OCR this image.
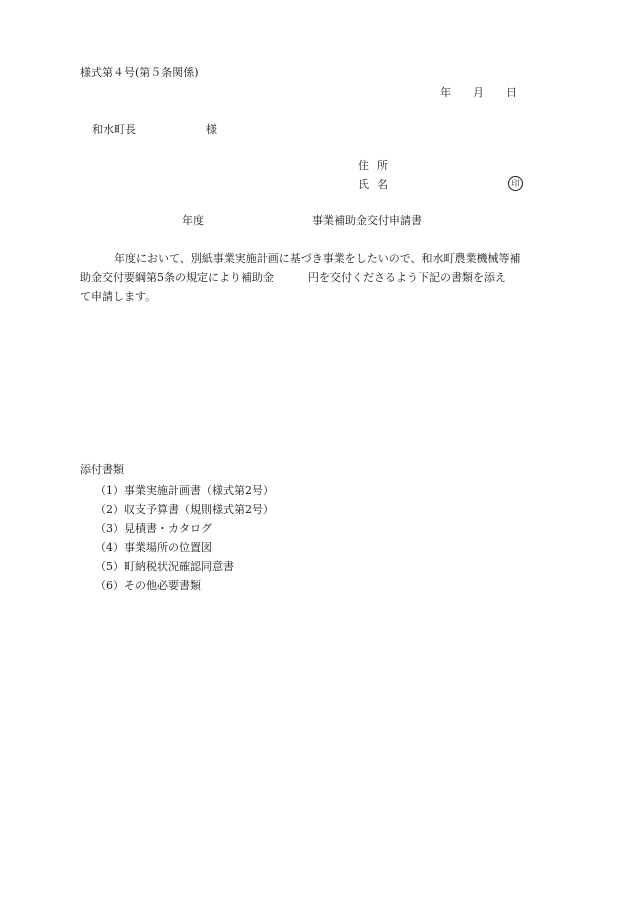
様式第４号(第５条関係)
年 月 日
和水町長	様
住 所
氏 名	印
年度	事業補助金交付申請書
年度において、別紙事業実施計画に基づき事業をしたいので、和水町農業機械等補
助金交付要綱第5条の規定により補助金	円を交付くださるよう下記の書類を添え
て申請します。
添付書類
（1）事業実施計画書（様式第2号）
（2）収支予算書（規則様式第2号）
（3）見積書・カタログ
（4）事業場所の位置図
（5）町納税状況確認同意書
（6）その他必要書類
